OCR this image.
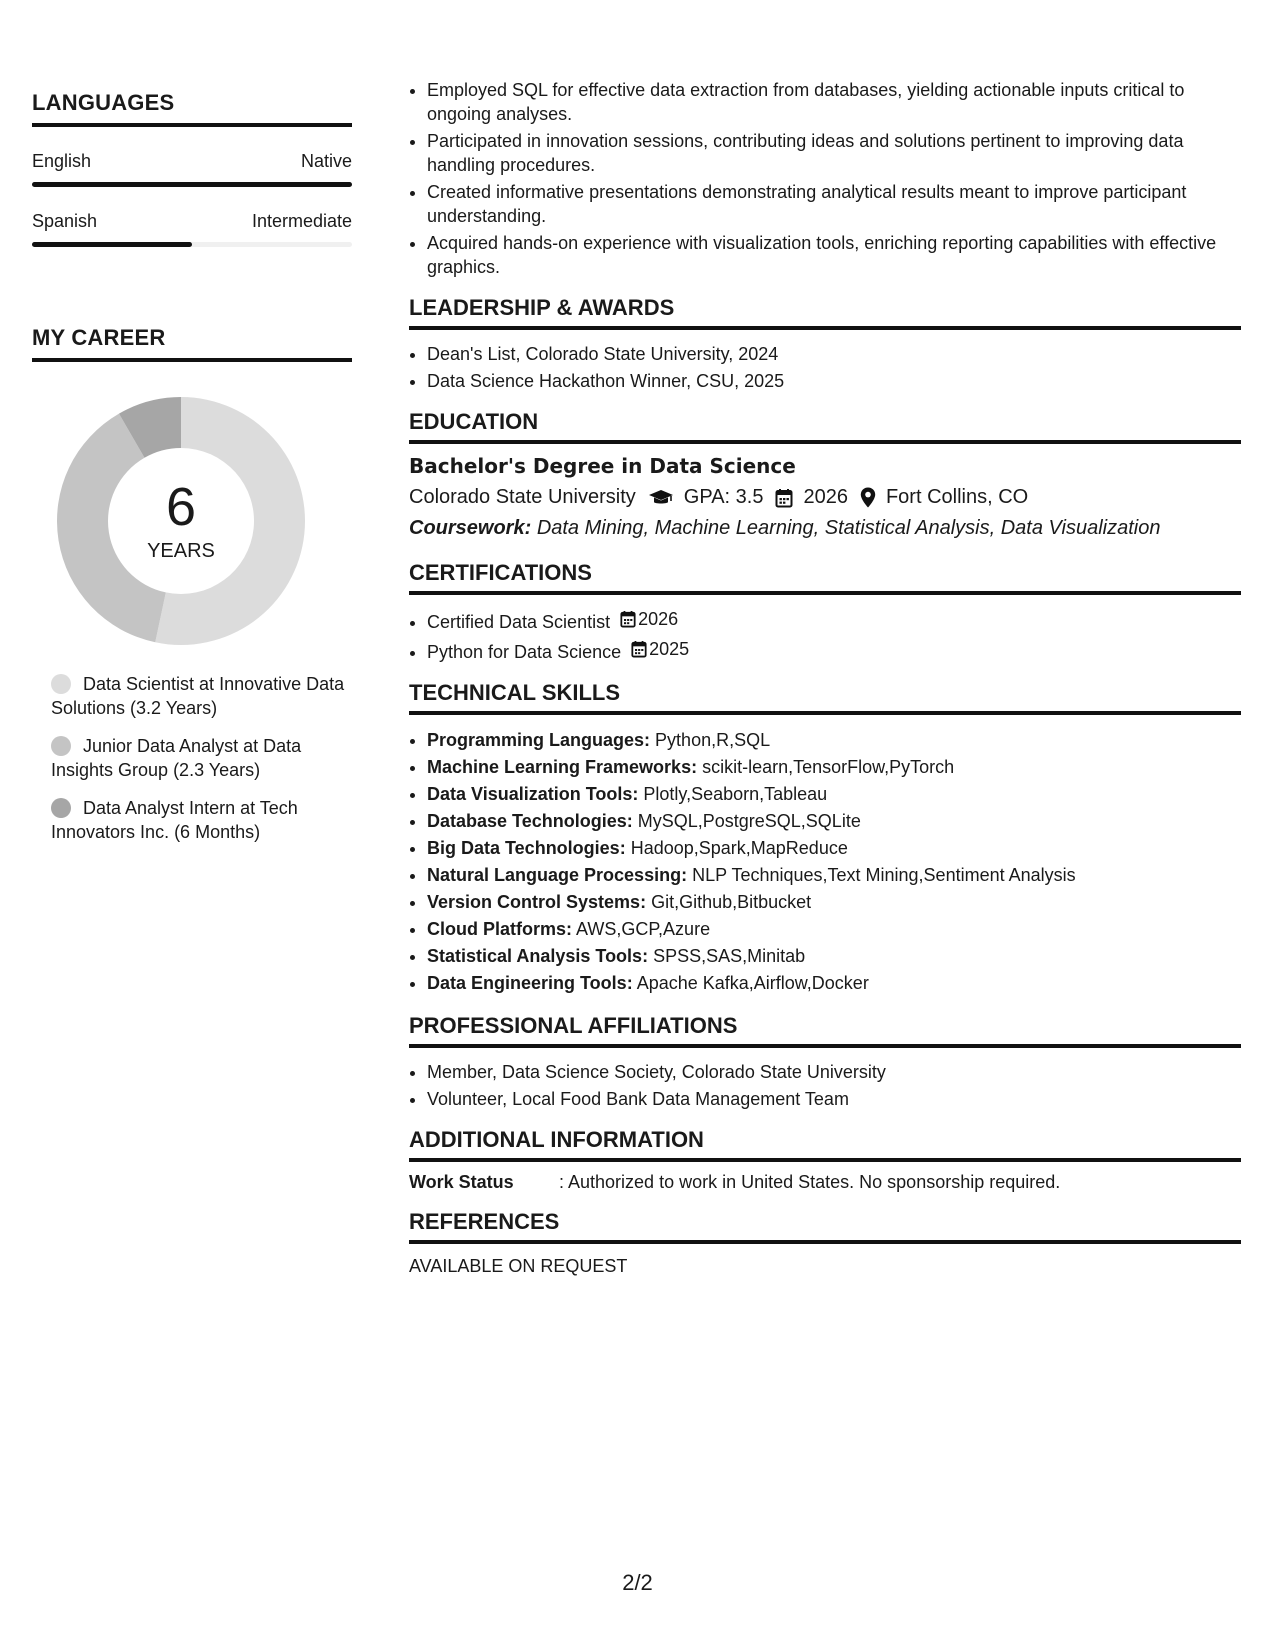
LANGUAGES
English	Native
Spanish	Intermediate
MY CAREER
6
YEARS
Data Scientist at Innovative Data Solutions (3.2 Years)
Junior Data Analyst at Data Insights Group (2.3 Years)
Data Analyst Intern at Tech Innovators Inc. (6 Months)
• Employed SQL for effective data extraction from databases, yielding actionable inputs critical to ongoing analyses.
• Participated in innovation sessions, contributing ideas and solutions pertinent to improving data handling procedures.
• Created informative presentations demonstrating analytical results meant to improve participant understanding.
• Acquired hands-on experience with visualization tools, enriching reporting capabilities with effective graphics.
LEADERSHIP & AWARDS
• Dean's List, Colorado State University, 2024
• Data Science Hackathon Winner, CSU, 2025
EDUCATION
Bachelor's Degree in Data Science
Colorado State University GPA: 3.5 2026 Fort Collins, CO
Coursework: Data Mining, Machine Learning, Statistical Analysis, Data Visualization
CERTIFICATIONS
• Certified Data Scientist 2026
• Python for Data Science 2025
TECHNICAL SKILLS
• Programming Languages: Python,R,SQL
• Machine Learning Frameworks: scikit-learn,TensorFlow,PyTorch
• Data Visualization Tools: Plotly,Seaborn,Tableau
• Database Technologies: MySQL,PostgreSQL,SQLite
• Big Data Technologies: Hadoop,Spark,MapReduce
• Natural Language Processing: NLP Techniques,Text Mining,Sentiment Analysis
• Version Control Systems: Git,Github,Bitbucket
• Cloud Platforms: AWS,GCP,Azure
• Statistical Analysis Tools: SPSS,SAS,Minitab
• Data Engineering Tools: Apache Kafka,Airflow,Docker
PROFESSIONAL AFFILIATIONS
• Member, Data Science Society, Colorado State University
• Volunteer, Local Food Bank Data Management Team
ADDITIONAL INFORMATION
Work Status	: Authorized to work in United States. No sponsorship required.
REFERENCES
AVAILABLE ON REQUEST
2/2
